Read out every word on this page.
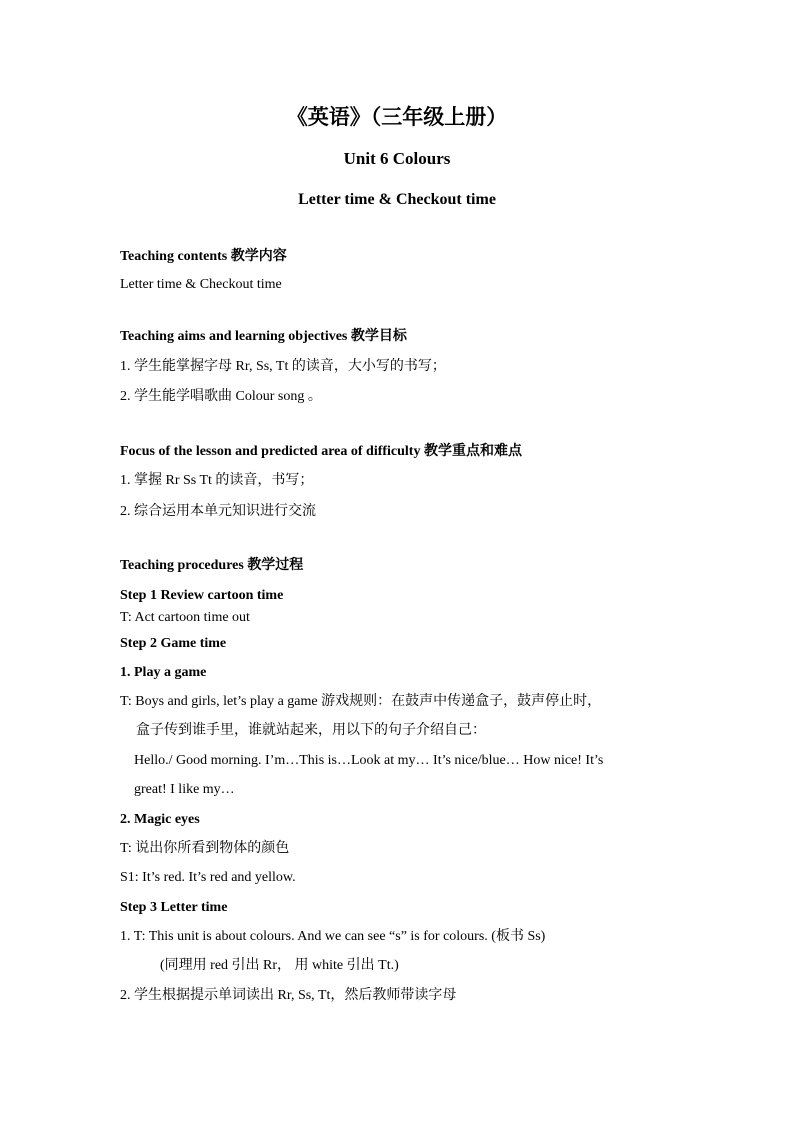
《英语》（三年级上册）
Unit 6 Colours
Letter time & Checkout time
Teaching contents 教学内容
Letter time & Checkout time
Teaching aims and learning objectives 教学目标
1. 学生能掌握字母 Rr, Ss, Tt 的读音，大小写的书写；
2. 学生能学唱歌曲 Colour song 。
Focus of the lesson and predicted area of difficulty 教学重点和难点
1. 掌握 Rr Ss Tt 的读音，书写；
2. 综合运用本单元知识进行交流
Teaching procedures 教学过程
Step 1 Review cartoon time
T: Act cartoon time out
Step 2 Game time
1. Play a game
T: Boys and girls, let’s play a game 游戏规则：在鼓声中传递盒子，鼓声停止时，
盒子传到谁手里，谁就站起来，用以下的句子介绍自己：
Hello./ Good morning. I’m…This is…Look at my… It’s nice/blue… How nice! It’s
great! I like my…
2. Magic eyes
T: 说出你所看到物体的颜色
S1: It’s red. It’s red and yellow.
Step 3 Letter time
1. T: This unit is about colours. And we can see “s” is for colours. (板书 Ss)
(同理用 red 引出 Rr， 用 white 引出 Tt.)
2. 学生根据提示单词读出 Rr, Ss, Tt，然后教师带读字母
